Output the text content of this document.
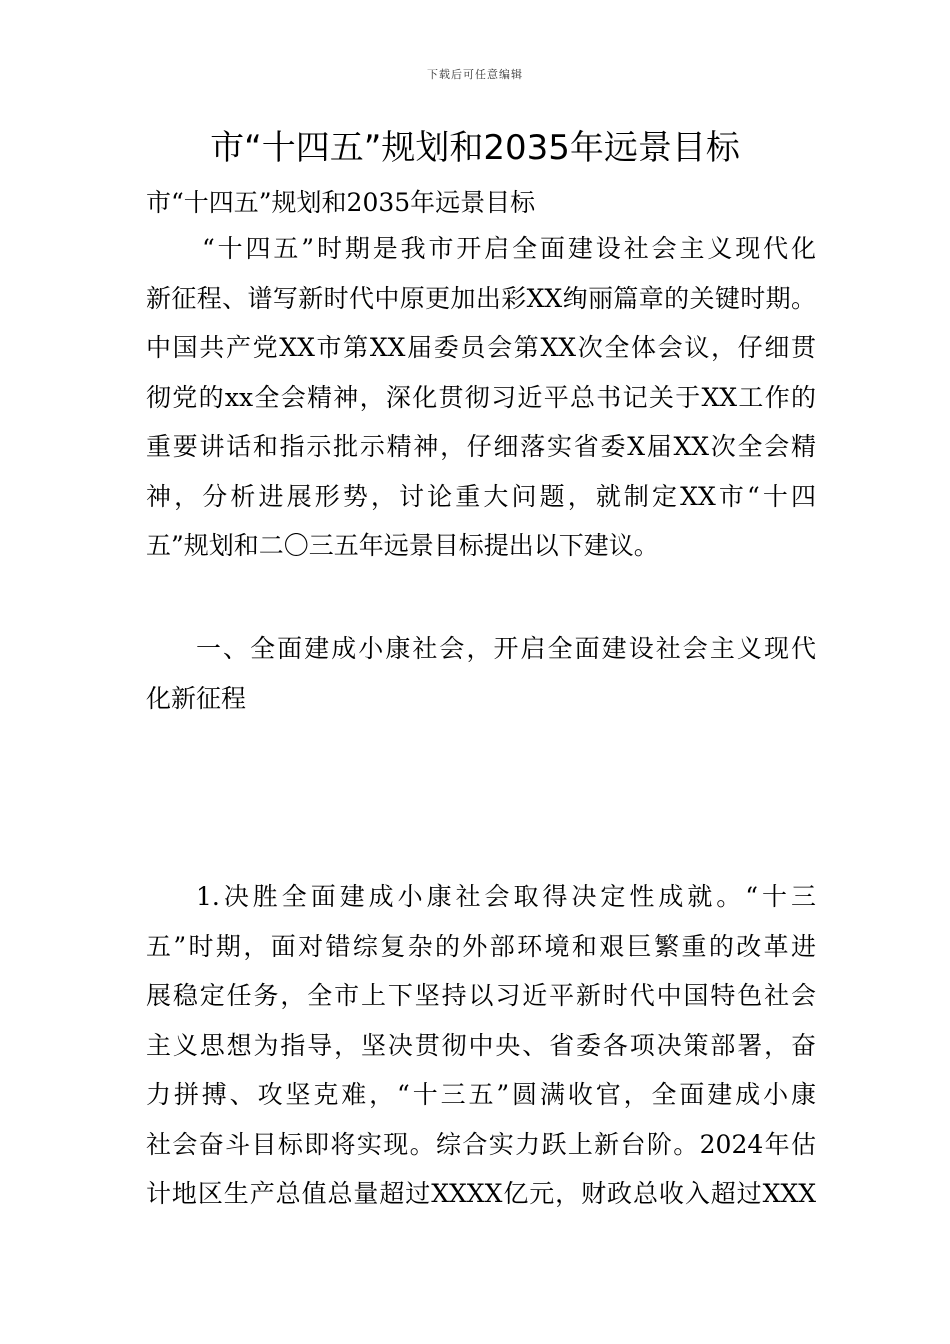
下载后可任意编辑
市“十四五”规划和2035年远景目标
市“十四五”规划和2035年远景目标
“十四五”时期是我市开启全面建设社会主义现代化
新征程、谱写新时代中原更加出彩XX绚丽篇章的关键时期。
中国共产党XX市第XX届委员会第XX次全体会议，仔细贯
彻党的xx全会精神，深化贯彻习近平总书记关于XX工作的
重要讲话和指示批示精神，仔细落实省委X届XX次全会精
神，分析进展形势，讨论重大问题，就制定XX市“十四
五”规划和二〇三五年远景目标提出以下建议。
一、全面建成小康社会，开启全面建设社会主义现代
化新征程
1.决胜全面建成小康社会取得决定性成就。“十三
五”时期，面对错综复杂的外部环境和艰巨繁重的改革进
展稳定任务，全市上下坚持以习近平新时代中国特色社会
主义思想为指导，坚决贯彻中央、省委各项决策部署，奋
力拼搏、攻坚克难，“十三五”圆满收官，全面建成小康
社会奋斗目标即将实现。综合实力跃上新台阶。2024年估
计地区生产总值总量超过XXXX亿元，财政总收入超过XXX
